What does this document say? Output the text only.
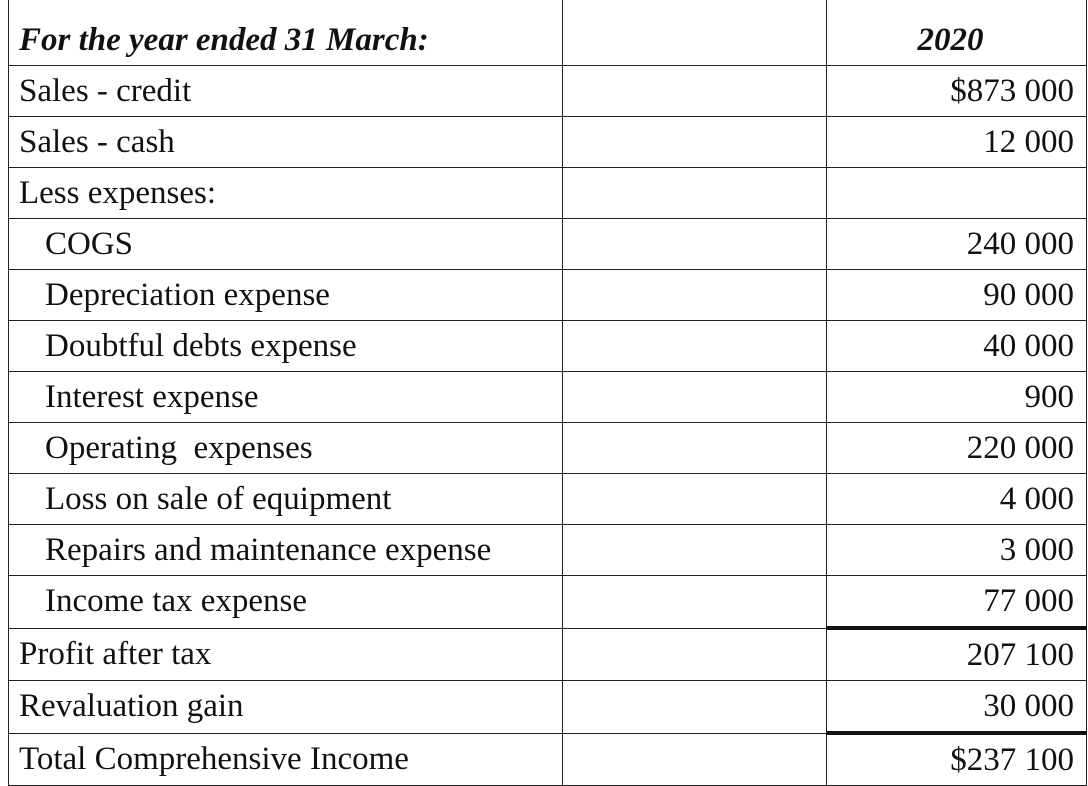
For the year ended 31 March:		2020
Sales - credit		$873 000
Sales - cash		12 000
Less expenses:		
COGS		240 000
Depreciation expense		90 000
Doubtful debts expense		40 000
Interest expense		900
Operating  expenses		220 000
Loss on sale of equipment		4 000
Repairs and maintenance expense		3 000
Income tax expense		77 000
Profit after tax		207 100
Revaluation gain		30 000
Total Comprehensive Income		$237 100
